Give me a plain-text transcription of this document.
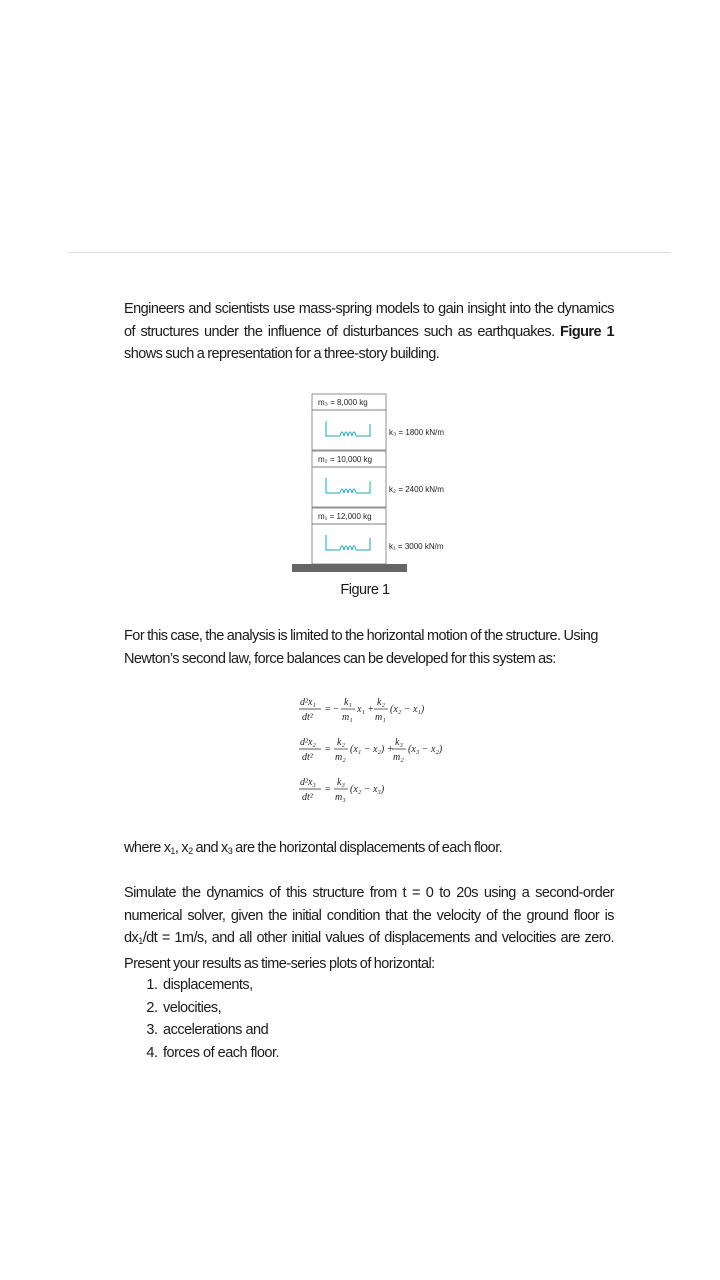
Engineers and scientists use mass-spring models to gain insight into the dynamics of structures under the influence of disturbances such as earthquakes. Figure 1 shows such a representation for a three-story building.
m₃ = 8,000 kg
k₃ = 1800 kN/m
m₂ = 10,000 kg
k₂ = 2400 kN/m
m₁ = 12,000 kg
k₁ = 3000 kN/m
Figure 1
For this case, the analysis is limited to the horizontal motion of the structure. Using Newton’s second law, force balances can be developed for this system as:
d²x₁
dt²
= −
k₁
m₁
x₁ +
k₂
m₁
(x₂ − x₁)
d²x₂
dt²
=
k₂
m₂
(x₁ − x₂) +
k₃
m₂
(x₃ − x₂)
d²x₃
dt²
=
k₃
m₃
(x₂ − x₃)
where $x_1$, $x_2$ and $x_3$ are the horizontal displacements of each floor.
Simulate the dynamics of this structure from t = 0 to 20s using a second-order numerical solver, given the initial condition that the velocity of the ground floor is $dx_1/dt = 1m/s$, and all other initial values of displacements and velocities are zero. Present your results as time-series plots of horizontal:
1. displacements,
2. velocities,
3. accelerations and
4. forces of each floor.
